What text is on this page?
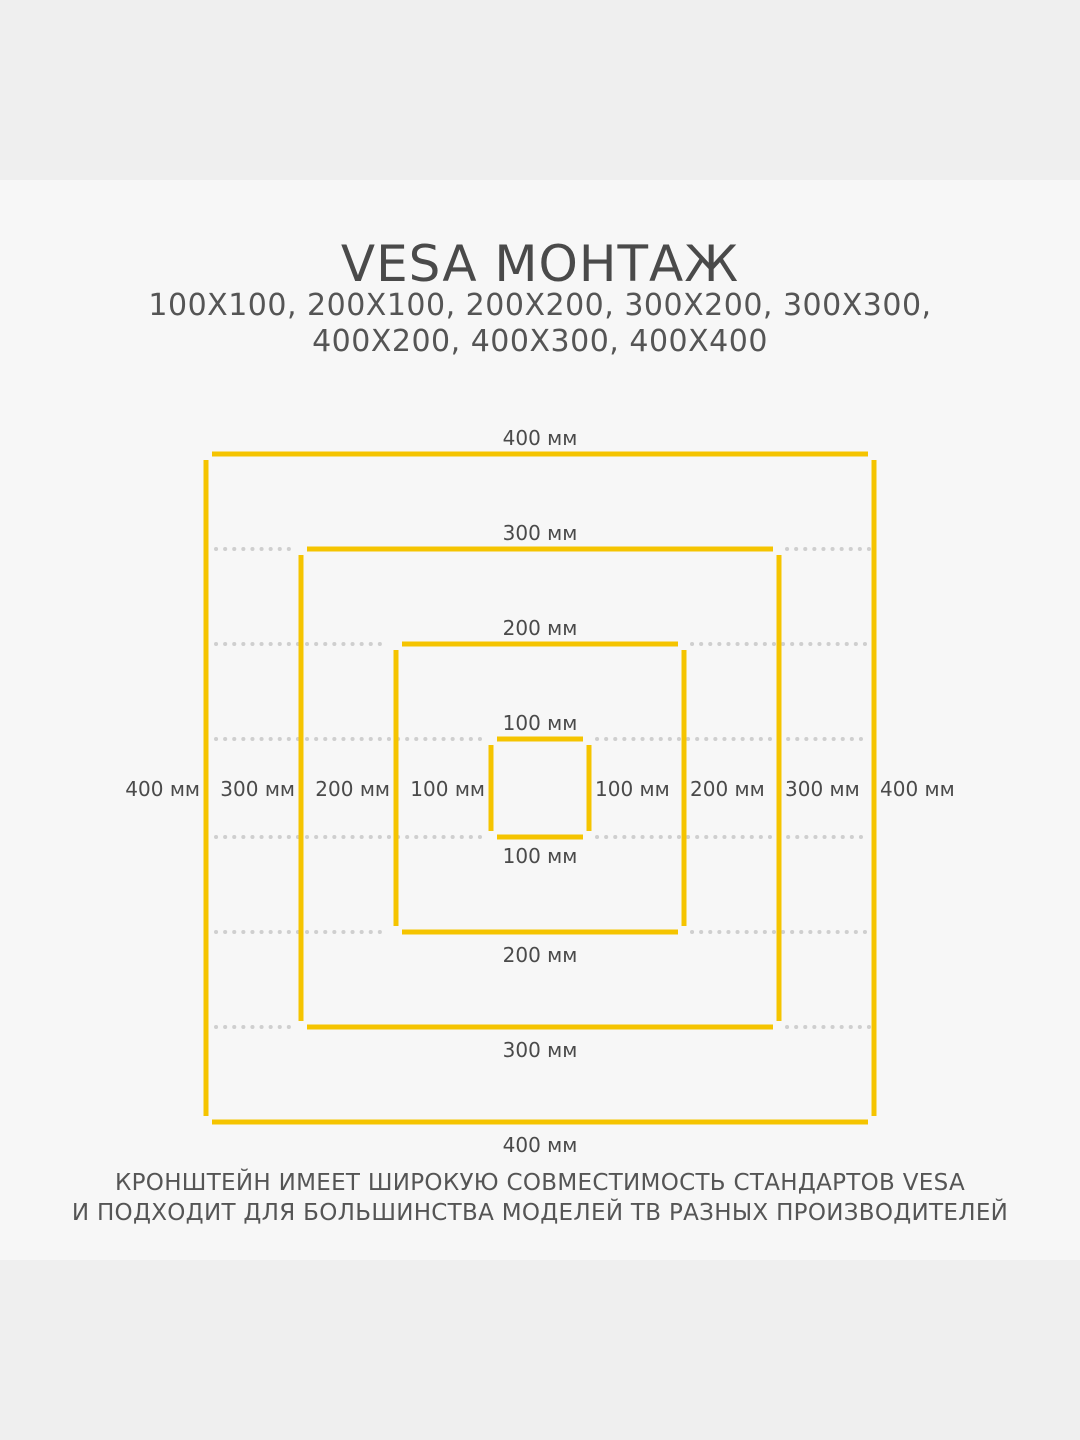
VESA МОНТАЖ
100X100, 200X100, 200X200, 300X200, 300X300,
400X200, 400X300, 400X400
400 мм
400 мм
400 мм	400 мм
300 мм
300 мм
300 мм	300 мм
200 мм
200 мм
200 мм	200 мм
100 мм
100 мм
100 мм	100 мм
КРОНШТЕЙН ИМЕЕТ ШИРОКУЮ СОВМЕСТИМОСТЬ СТАНДАРТОВ VESA
И ПОДХОДИТ ДЛЯ БОЛЬШИНСТВА МОДЕЛЕЙ ТВ РАЗНЫХ ПРОИЗВОДИТЕЛЕЙ
